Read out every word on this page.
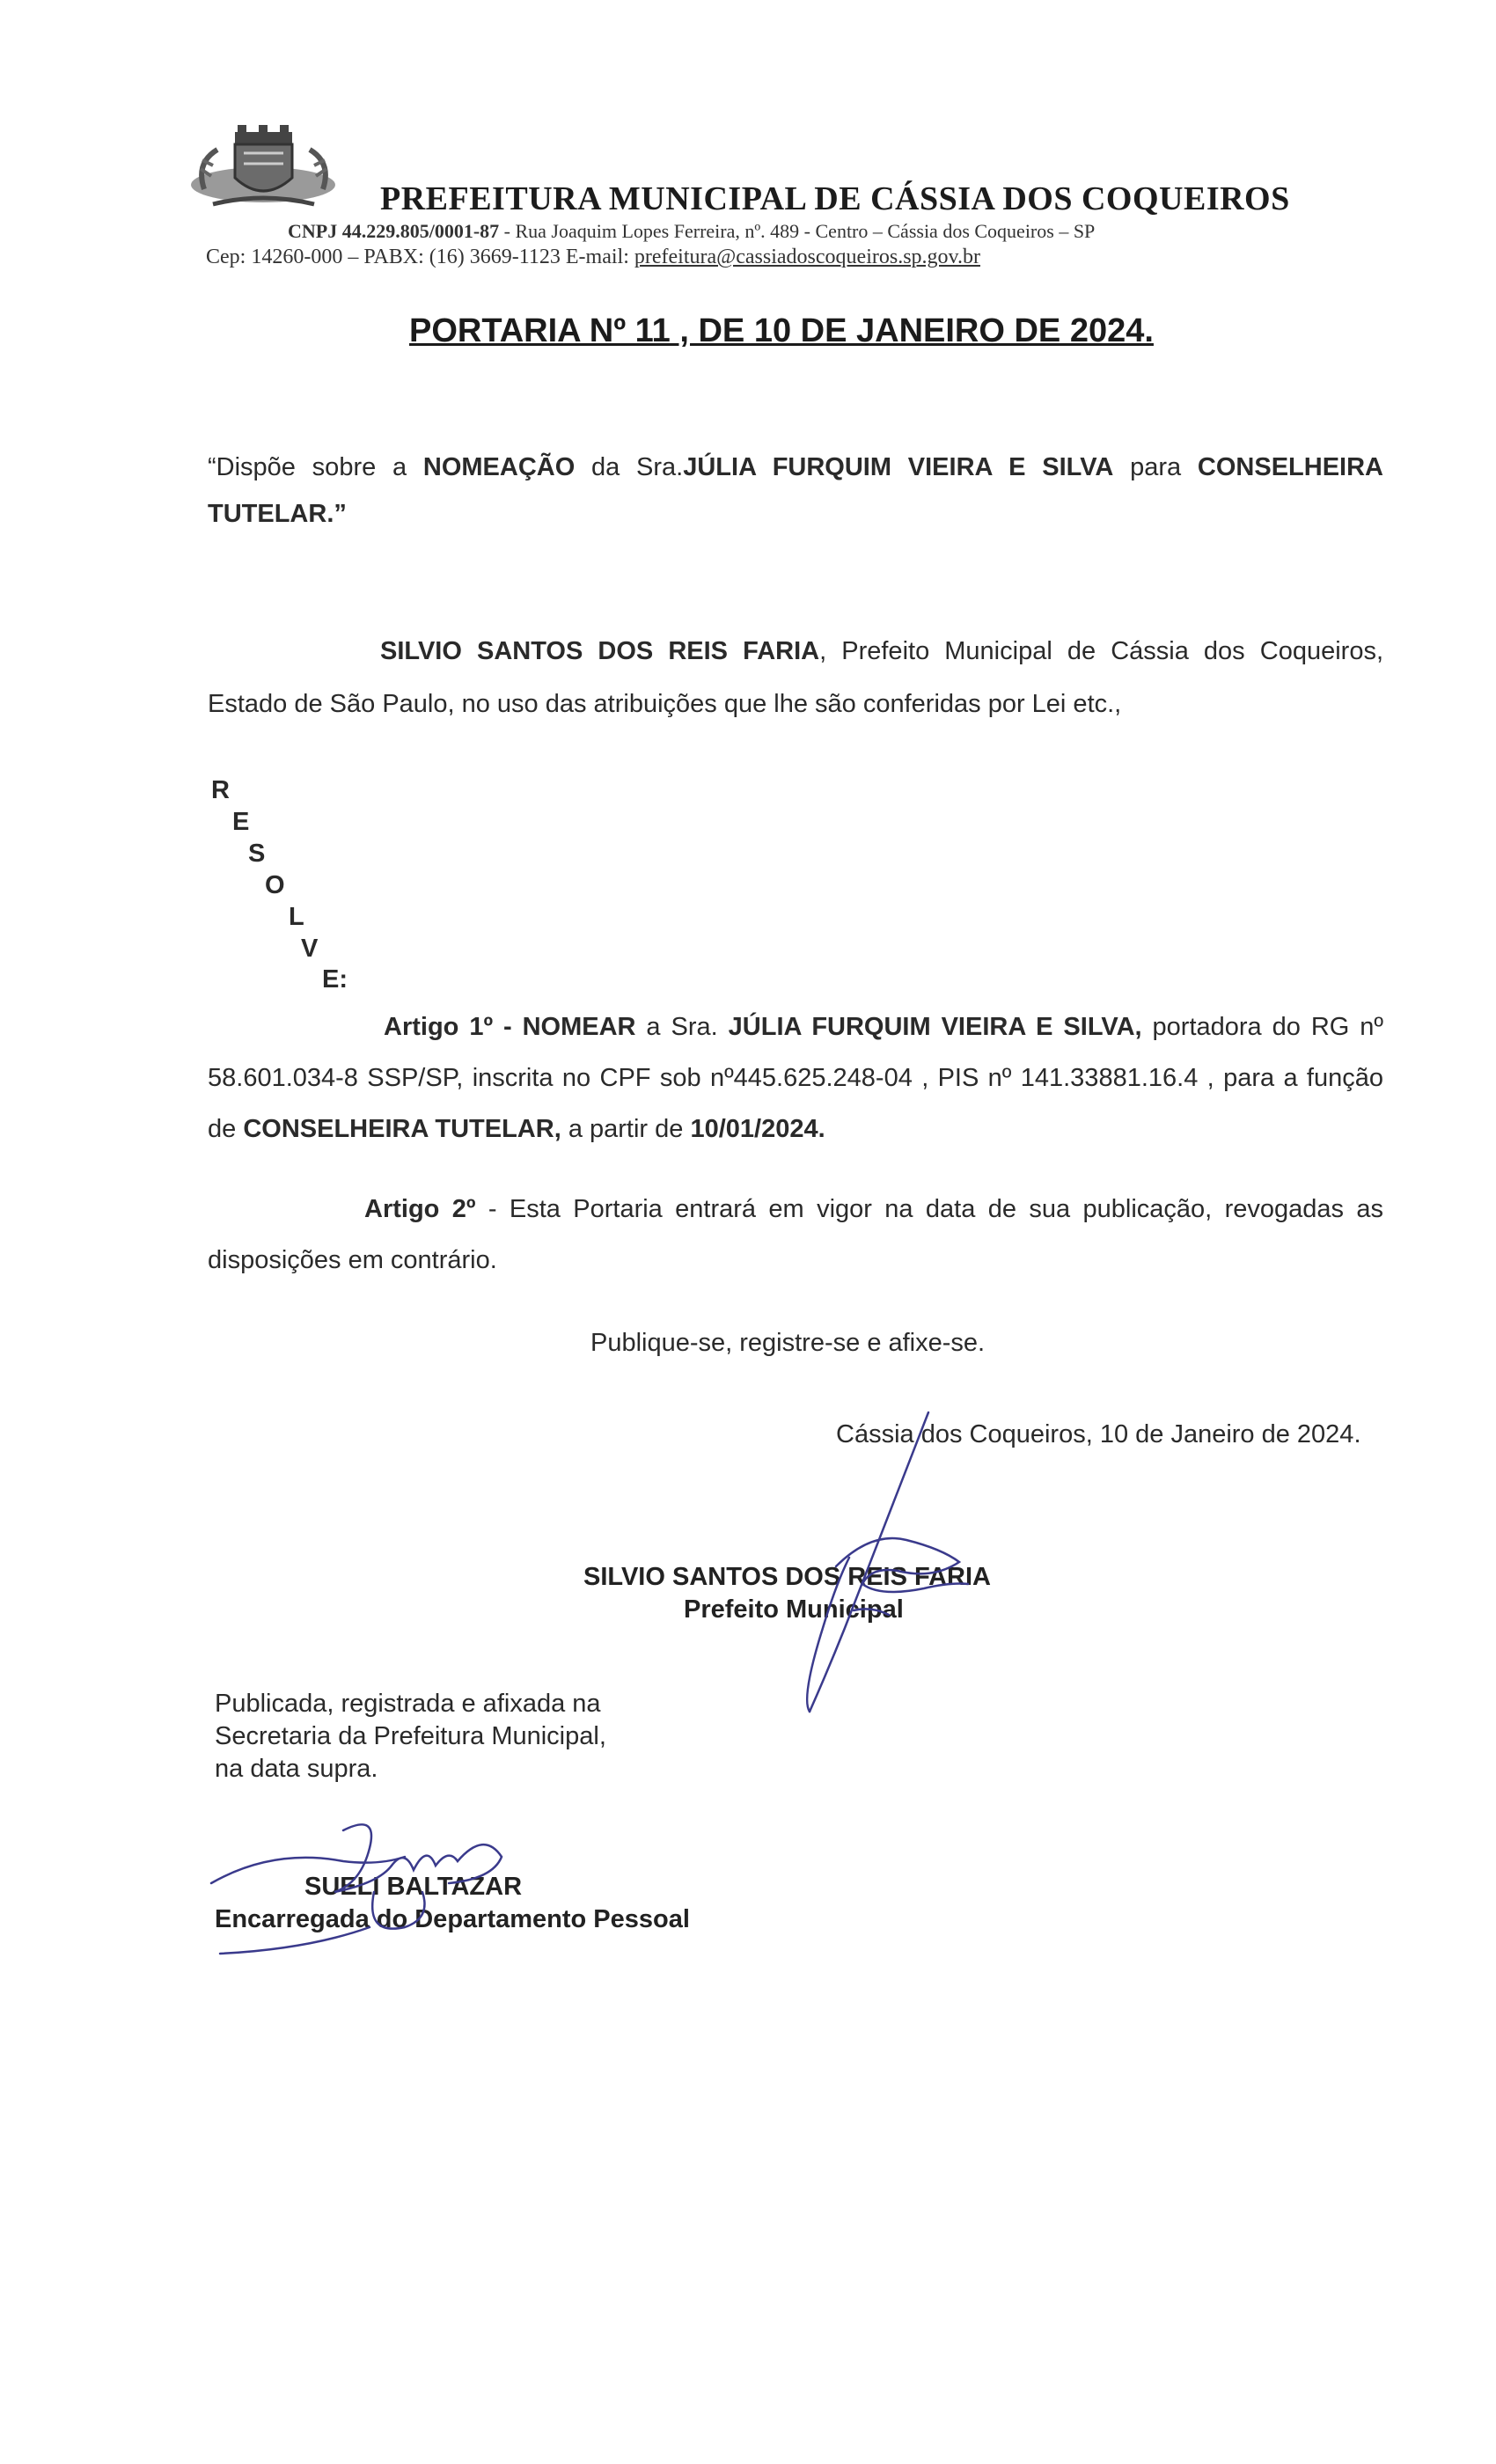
PREFEITURA MUNICIPAL DE CÁSSIA DOS COQUEIROS
CNPJ 44.229.805/0001-87 - Rua Joaquim Lopes Ferreira, nº. 489 - Centro – Cássia dos Coqueiros – SP
Cep: 14260-000 – PABX: (16) 3669-1123 E-mail: prefeitura@cassiadoscoqueiros.sp.gov.br
PORTARIA Nº 11 , DE 10 DE JANEIRO DE 2024.
“Dispõe sobre a NOMEAÇÃO da Sra.JÚLIA FURQUIM VIEIRA E SILVA para CONSELHEIRA TUTELAR.”
SILVIO SANTOS DOS REIS FARIA, Prefeito Municipal de Cássia dos Coqueiros, Estado de São Paulo, no uso das atribuições que lhe são conferidas por Lei etc.,
R
E
S
O
L
V
E:
Artigo 1º - NOMEAR a Sra. JÚLIA FURQUIM VIEIRA E SILVA, portadora do RG nº 58.601.034-8 SSP/SP, inscrita no CPF sob nº445.625.248-04 , PIS nº 141.33881.16.4 , para a função de CONSELHEIRA TUTELAR, a partir de 10/01/2024.
Artigo 2º - Esta Portaria entrará em vigor na data de sua publicação, revogadas as disposições em contrário.
Publique-se, registre-se e afixe-se.
Cássia dos Coqueiros, 10 de Janeiro de 2024.
SILVIO SANTOS DOS REIS FARIA
Prefeito Municipal
Publicada, registrada e afixada na
Secretaria da Prefeitura Municipal,
na data supra.
SUELI BALTAZAR
Encarregada do Departamento Pessoal
